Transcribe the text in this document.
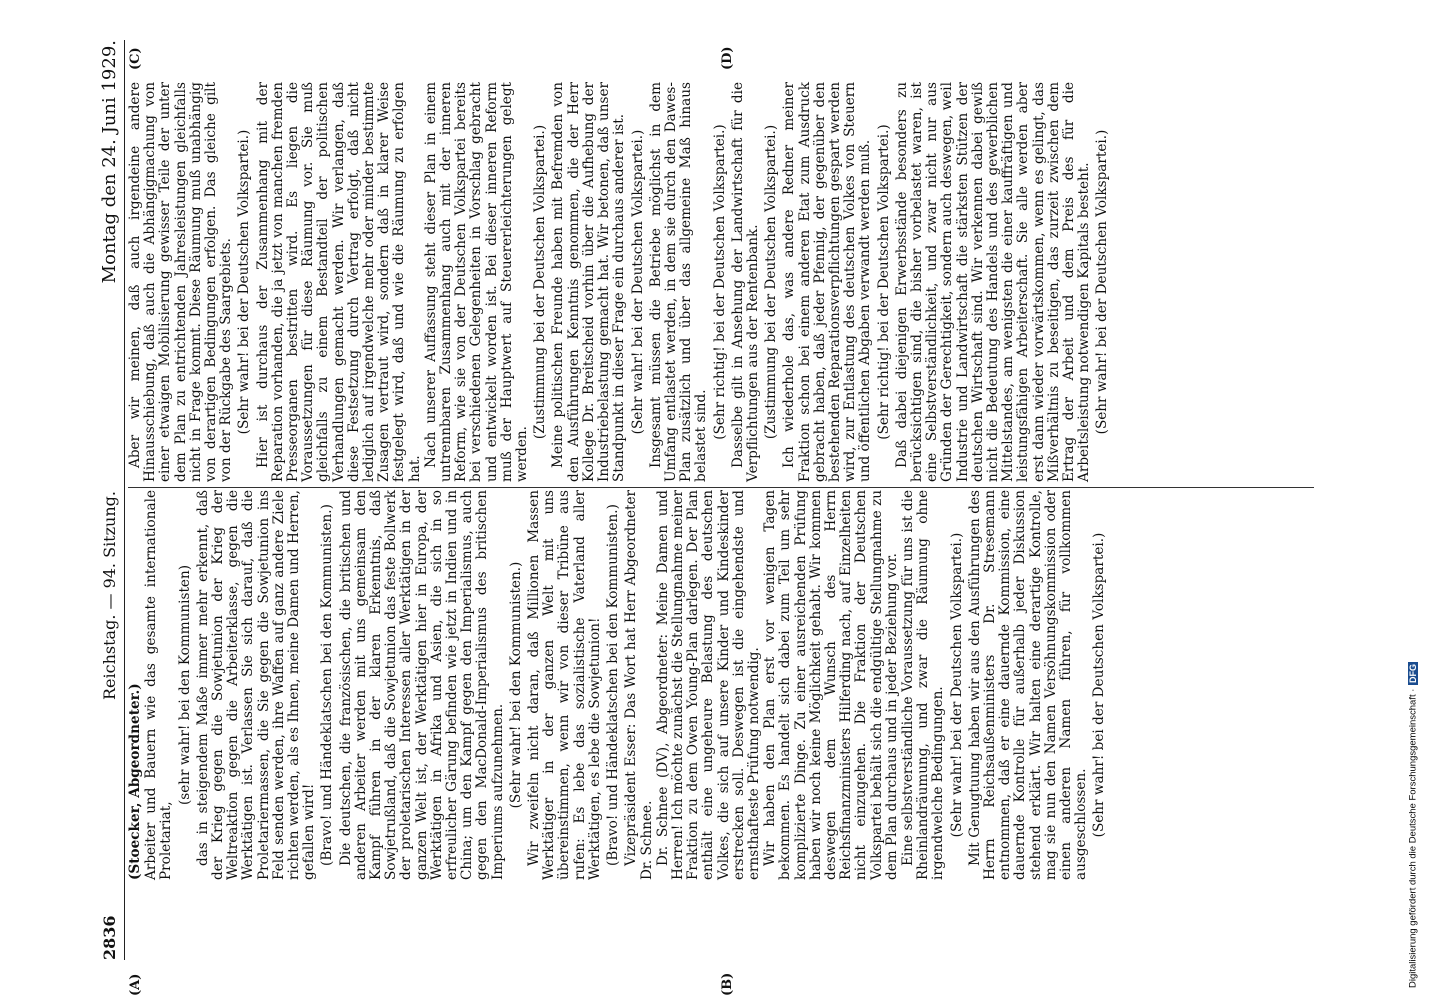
2836
Reichstag. — 94. Sitzung.
Montag den 24. Juni 1929.
(A)	(B)
(C)	(D)

(Stoecker, Abgeordneter.) Arbeiter und Bauern wie das gesamte internationale Proletariat,

(sehr wahr! bei den Kommunisten) das in steigendem Maße immer mehr erkennt, daß der Krieg gegen die Sowjetunion der Krieg der Weltreaktion gegen die Arbeiterklasse, gegen die Werktätigen ist. Verlassen Sie sich darauf, daß die Proletariermassen, die Sie gegen die Sowjetunion ins Feld senden werden, ihre Waffen auf ganz andere Ziele richten werden, als es Ihnen, meine Damen und Herren, gefallen wird! (Bravo! und Händeklatschen bei den Kommunisten.) Die deutschen, die französischen, die britischen und anderen Arbeiter werden mit uns gemeinsam den Kampf führen in der klaren Erkenntnis, daß Sowjetrußland, daß die Sowjetunion das feste Bollwerk der proletarischen Interessen aller Werktätigen in der ganzen Welt ist, der Werktätigen hier in Europa, der Werktätigen in Afrika und Asien, die sich in so erfreulicher Gärung befinden wie jetzt in Indien und in China; um den Kampf gegen den Imperialismus, auch gegen den MacDonald-Imperialismus des britischen Imperiums aufzunehmen. (Sehr wahr! bei den Kommunisten.) Wir zweifeln nicht daran, daß Millionen Massen Werktätiger in der ganzen Welt mit uns übereinstimmen, wenn wir von dieser Tribüne aus rufen: Es lebe das sozialistische Vaterland aller Werktätigen, es lebe die Sowjetunion! (Bravo! und Händeklatschen bei den Kommunisten.) Vizepräsident Esser: Das Wort hat Herr Abgeordneter Dr. Schnee. Dr. Schnee (DV), Abgeordneter: Meine Damen und Herren! Ich möchte zunächst die Stellungnahme meiner Fraktion zu dem Owen Young-Plan darlegen. Der Plan enthält eine ungeheure Belastung des deutschen Volkes, die sich auf unsere Kinder und Kindeskinder erstrecken soll. Deswegen ist die eingehendste und ernsthafteste Prüfung notwendig. Wir haben den Plan erst vor wenigen Tagen bekommen. Es handelt sich dabei zum Teil um sehr komplizierte Dinge. Zu einer ausreichenden Prüfung haben wir noch keine Möglichkeit gehabt. Wir kommen deswegen dem Wunsch des Herrn Reichsfinanzministers Hilferding nach, auf Einzelheiten nicht einzugehen. Die Fraktion der Deutschen Volkspartei behält sich die endgültige Stellungnahme zu dem Plan durchaus und in jeder Beziehung vor. Eine selbstverständliche Voraussetzung für uns ist die Rheinlandräumung, und zwar die Räumung ohne irgendwelche Bedingungen. (Sehr wahr! bei der Deutschen Volkspartei.) Mit Genugtuung haben wir aus den Ausführungen des Herrn Reichsaußenministers Dr. Stresemann entnommen, daß er eine dauernde Kommission, eine dauernde Kontrolle für außerhalb jeder Diskussion stehend erklärt. Wir halten eine derartige Kontrolle, mag sie nun den Namen Versöhnungskommission oder einen anderen Namen führen, für vollkommen ausgeschlossen. (Sehr wahr! bei der Deutschen Volkspartei.)

Aber wir meinen, daß auch irgendeine andere Hinausschiebung, daß auch die Abhängigmachung von einer etwaigen Mobilisierung gewisser Teile der unter dem Plan zu entrichtenden Jahresleistungen gleichfalls nicht in Frage kommt. Diese Räumung muß unabhängig von derartigen Bedingungen erfolgen. Das gleiche gilt von der Rückgabe des Saargebiets. (Sehr wahr! bei der Deutschen Volkspartei.) Hier ist durchaus der Zusammenhang mit der Reparation vorhanden, die ja jetzt von manchen fremden Presseorganen bestritten wird. Es liegen die Voraussetzungen für diese Räumung vor. Sie muß gleichfalls zu einem Bestandteil der politischen Verhandlungen gemacht werden. Wir verlangen, daß diese Festsetzung durch Vertrag erfolgt, daß nicht lediglich auf irgendwelche mehr oder minder bestimmte Zusagen vertraut wird, sondern daß in klarer Weise festgelegt wird, daß und wie die Räumung zu erfolgen hat.

Nach unserer Auffassung steht dieser Plan in einem untrennbaren Zusammenhang auch mit der inneren Reform, wie sie von der Deutschen Volkspartei bereits bei verschiedenen Gelegenheiten in Vorschlag gebracht und entwickelt worden ist. Bei dieser inneren Reform muß der Hauptwert auf Steuererleichterungen gelegt werden.

(Zustimmung bei der Deutschen Volkspartei.) Meine politischen Freunde haben mit Befremden von den Ausführungen Kenntnis genommen, die der Herr Kollege Dr. Breitscheid vorhin über die Aufhebung der Industriebelastung gemacht hat. Wir betonen, daß unser Standpunkt in dieser Frage ein durchaus anderer ist. (Sehr wahr! bei der Deutschen Volkspartei.) Insgesamt müssen die Betriebe möglichst in dem Umfang entlastet werden, in dem sie durch den Dawes-Plan zusätzlich und über das allgemeine Maß hinaus belastet sind. (Sehr richtig! bei der Deutschen Volkspartei.) Dasselbe gilt in Ansehung der Landwirtschaft für die Verpflichtungen aus der Rentenbank. (Zustimmung bei der Deutschen Volkspartei.) Ich wiederhole das, was andere Redner meiner Fraktion schon bei einem anderen Etat zum Ausdruck gebracht haben, daß jeder Pfennig, der gegenüber den bestehenden Reparationsverpflichtungen gespart werden wird, zur Entlastung des deutschen Volkes von Steuern und öffentlichen Abgaben verwandt werden muß. (Sehr richtig! bei der Deutschen Volkspartei.) Daß dabei diejenigen Erwerbsstände besonders zu berücksichtigen sind, die bisher vorbelastet waren, ist eine Selbstverständlichkeit, und zwar nicht nur aus Gründen der Gerechtigkeit, sondern auch deswegen, weil Industrie und Landwirtschaft die stärksten Stützen der deutschen Wirtschaft sind. Wir verkennen dabei gewiß nicht die Bedeutung des Handels und des gewerblichen Mittelstandes, am wenigsten die einer kauffräftigen und leistungsfähigen Arbeiterschaft. Sie alle werden aber erst dann wieder vorwärtskommen, wenn es gelingt, das Mißverhältnis zu beseitigen, das zurzeit zwischen dem Ertrag der Arbeit und dem Preis des für die Arbeitsleistung notwendigen Kapitals besteht. (Sehr wahr! bei der Deutschen Volkspartei.)

Digitalisierung gefördert durch die Deutsche Forschungsgemeinschaft ·
DFG
